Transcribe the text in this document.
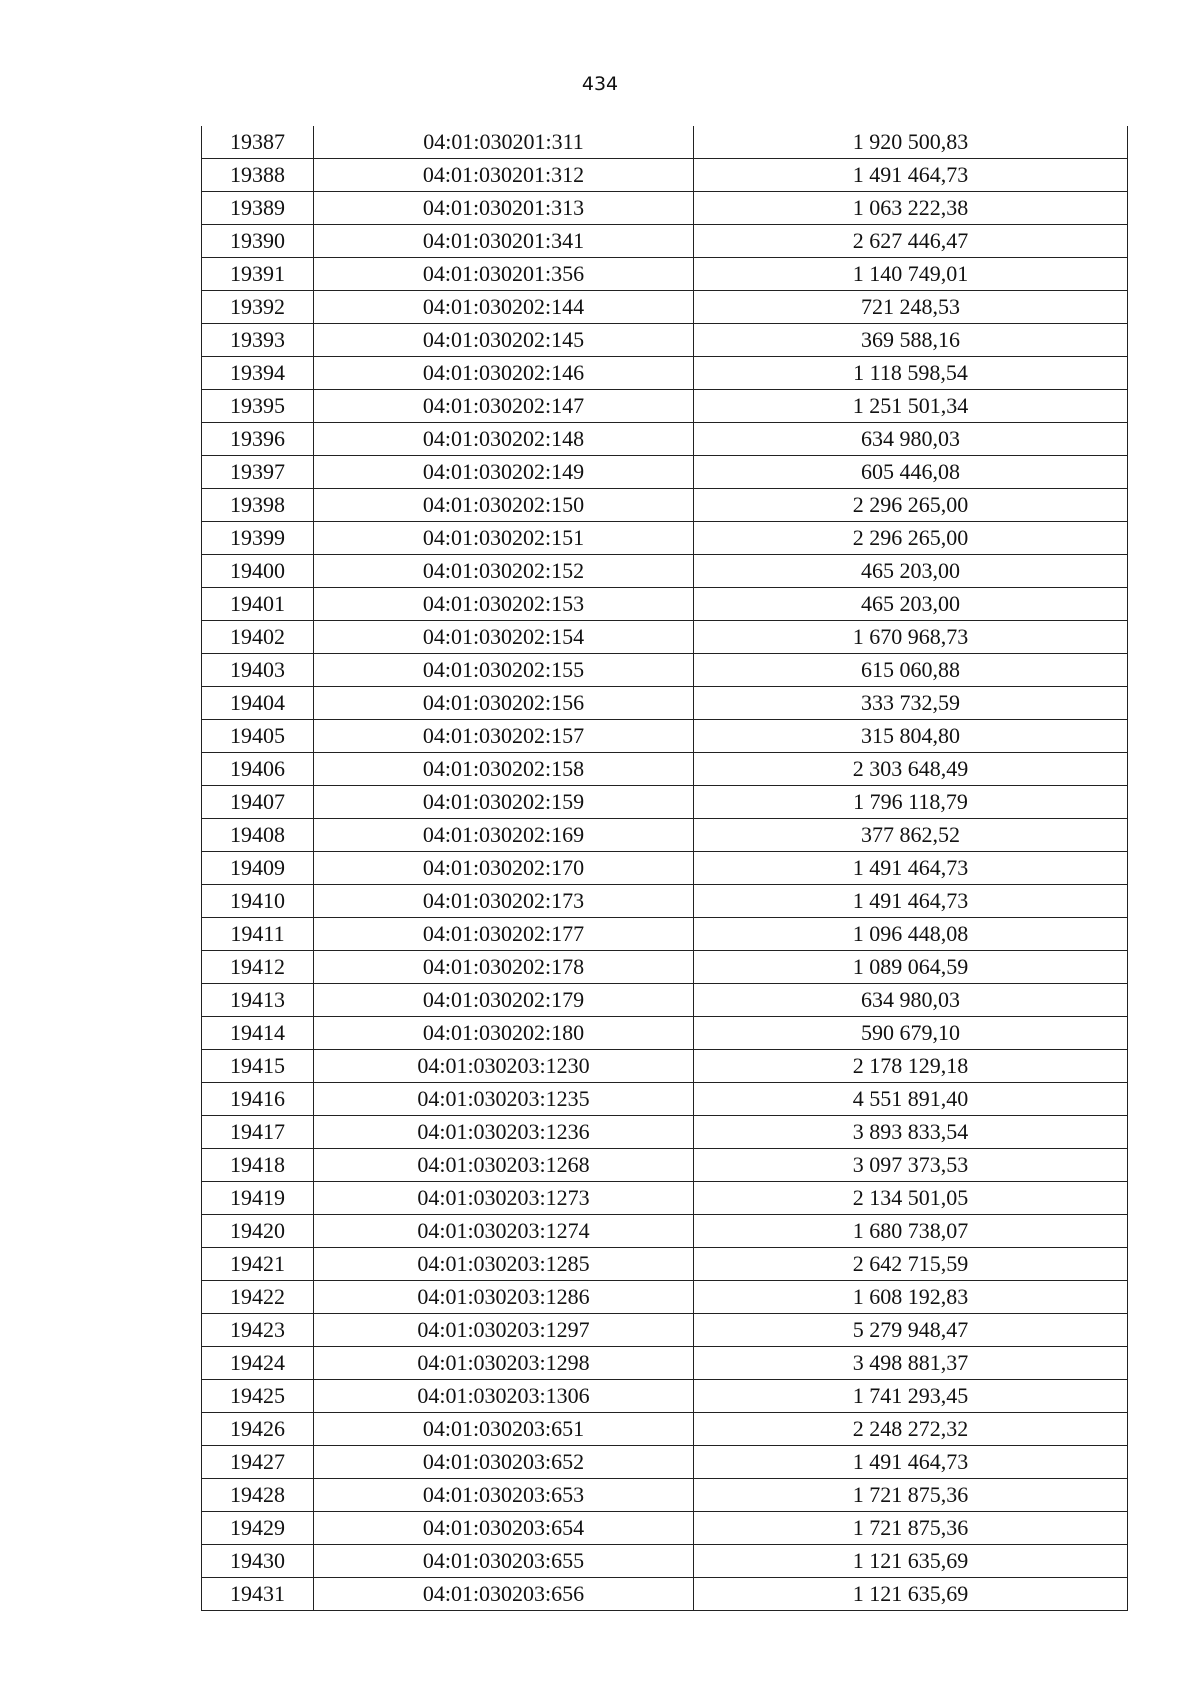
434
19387	04:01:030201:311	1 920 500,83
19388	04:01:030201:312	1 491 464,73
19389	04:01:030201:313	1 063 222,38
19390	04:01:030201:341	2 627 446,47
19391	04:01:030201:356	1 140 749,01
19392	04:01:030202:144	721 248,53
19393	04:01:030202:145	369 588,16
19394	04:01:030202:146	1 118 598,54
19395	04:01:030202:147	1 251 501,34
19396	04:01:030202:148	634 980,03
19397	04:01:030202:149	605 446,08
19398	04:01:030202:150	2 296 265,00
19399	04:01:030202:151	2 296 265,00
19400	04:01:030202:152	465 203,00
19401	04:01:030202:153	465 203,00
19402	04:01:030202:154	1 670 968,73
19403	04:01:030202:155	615 060,88
19404	04:01:030202:156	333 732,59
19405	04:01:030202:157	315 804,80
19406	04:01:030202:158	2 303 648,49
19407	04:01:030202:159	1 796 118,79
19408	04:01:030202:169	377 862,52
19409	04:01:030202:170	1 491 464,73
19410	04:01:030202:173	1 491 464,73
19411	04:01:030202:177	1 096 448,08
19412	04:01:030202:178	1 089 064,59
19413	04:01:030202:179	634 980,03
19414	04:01:030202:180	590 679,10
19415	04:01:030203:1230	2 178 129,18
19416	04:01:030203:1235	4 551 891,40
19417	04:01:030203:1236	3 893 833,54
19418	04:01:030203:1268	3 097 373,53
19419	04:01:030203:1273	2 134 501,05
19420	04:01:030203:1274	1 680 738,07
19421	04:01:030203:1285	2 642 715,59
19422	04:01:030203:1286	1 608 192,83
19423	04:01:030203:1297	5 279 948,47
19424	04:01:030203:1298	3 498 881,37
19425	04:01:030203:1306	1 741 293,45
19426	04:01:030203:651	2 248 272,32
19427	04:01:030203:652	1 491 464,73
19428	04:01:030203:653	1 721 875,36
19429	04:01:030203:654	1 721 875,36
19430	04:01:030203:655	1 121 635,69
19431	04:01:030203:656	1 121 635,69
